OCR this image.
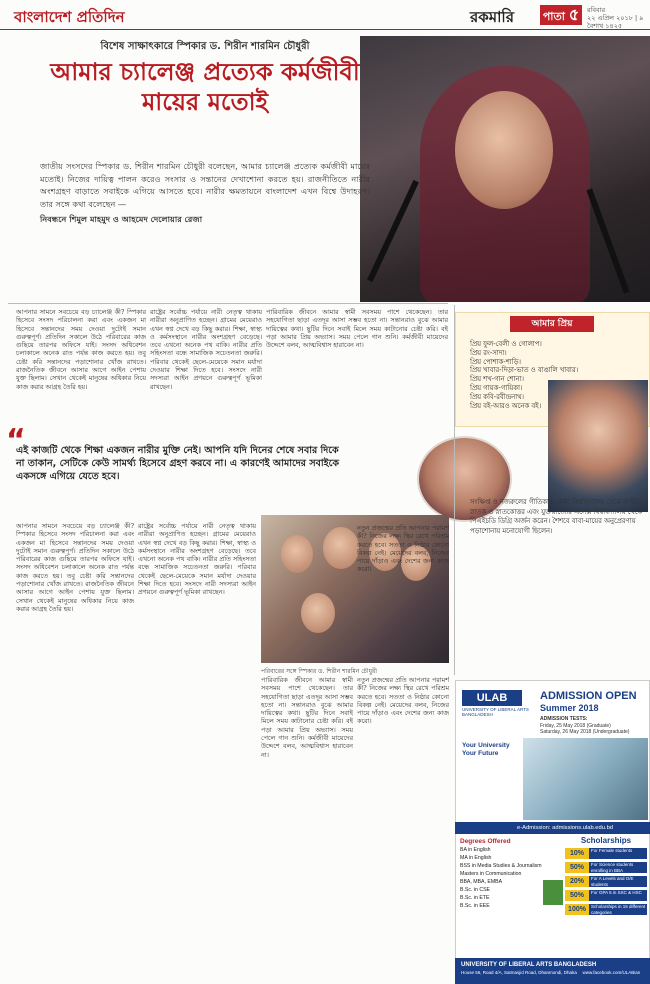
বাংলাদেশ প্রতিদিন	রকমারি	পাতা ৫	রবিবার
২২ এপ্রিল ২০১৮ | ৯ বৈশাখ ১৪২৫
বিশেষ সাক্ষাৎকারে স্পিকার ড. শিরীন শারমিন চৌধুরী
আমার চ্যালেঞ্জ প্রত্যেক কর্মজীবী মায়ের মতোই
জাতীয় সংসদের স্পিকার ড. শিরীন শারমিন চৌধুরী বলেছেন, আমার চ্যালেঞ্জ প্রত্যেক কর্মজীবী মায়ের মতোই। নিজের দায়িত্ব পালন করেও সংসার ও সন্তানের দেখাশোনা করতে হয়। রাজনীতিতে নারীর অংশগ্রহণ বাড়াতে সবাইকে এগিয়ে আসতে হবে। নারীর ক্ষমতায়নে বাংলাদেশ এখন বিশ্বে উদাহরণ। তার সঙ্গে কথা বলেছেন —
নিবন্ধনে শিমুল মাহমুদ ও আহমেদ দেলোয়ার রেজা
আপনার সামনে সবচেয়ে বড় চ্যালেঞ্জ কী? স্পিকার হিসেবে সংসদ পরিচালনা করা এবং একজন মা হিসেবে সন্তানদের সময় দেওয়া দুটোই সমান গুরুত্বপূর্ণ। প্রতিদিন সকালে উঠে পরিবারের কাজ গুছিয়ে তারপর অফিসে যাই। সংসদ অধিবেশন চলাকালে অনেক রাত পর্যন্ত কাজ করতে হয়। তবু চেষ্টা করি সন্তানদের পড়াশোনার খোঁজ রাখতে। রাজনৈতিক জীবনে আসার আগে আইন পেশায় যুক্ত ছিলাম। সেখান থেকেই মানুষের অধিকার নিয়ে কাজ করার আগ্রহ তৈরি হয়।
রাষ্ট্রের সর্বোচ্চ পর্যায়ে নারী নেতৃত্ব থাকায় নারীরা অনুপ্রাণিত হচ্ছেন। গ্রামের মেয়েরাও এখন স্বপ্ন দেখে বড় কিছু করার। শিক্ষা, স্বাস্থ্য ও কর্মসংস্থানে নারীর অংশগ্রহণ বেড়েছে। তবে এখনো অনেক পথ বাকি। নারীর প্রতি সহিংসতা বন্ধে সামাজিক সচেতনতা জরুরি। পরিবার থেকেই ছেলে-মেয়েকে সমান মর্যাদা দেওয়ার শিক্ষা দিতে হবে। সংসদে নারী সদস্যরা আইন প্রণয়নে গুরুত্বপূর্ণ ভূমিকা রাখছেন।
পারিবারিক জীবনে আমার স্বামী সবসময় পাশে থেকেছেন। তার সহযোগিতা ছাড়া এতদূর আসা সম্ভব হতো না। সন্তানরাও বুঝে আমার দায়িত্বের কথা। ছুটির দিনে সবাই মিলে সময় কাটানোর চেষ্টা করি। বই পড়া আমার প্রিয় অভ্যাস। সময় পেলে গান শুনি। কর্মজীবী মায়েদের উদ্দেশে বলব, আত্মবিশ্বাস হারাবেন না।
“
এই কাজটি থেকে শিক্ষা একজন নারীর মুক্তি নেই। আপনি যদি দিনের শেষে সবার দিকে না তাকান, সেটিকে কেউ সামর্থ্য হিসেবে গ্রহণ করবে না। এ কারণেই আমাদের সবাইকে একসঙ্গে এগিয়ে যেতে হবে।
আপনার সামনে সবচেয়ে বড় চ্যালেঞ্জ কী? স্পিকার হিসেবে সংসদ পরিচালনা করা এবং একজন মা হিসেবে সন্তানদের সময় দেওয়া দুটোই সমান গুরুত্বপূর্ণ। প্রতিদিন সকালে উঠে পরিবারের কাজ গুছিয়ে তারপর অফিসে যাই। সংসদ অধিবেশন চলাকালে অনেক রাত পর্যন্ত কাজ করতে হয়। তবু চেষ্টা করি সন্তানদের পড়াশোনার খোঁজ রাখতে। রাজনৈতিক জীবনে আসার আগে আইন পেশায় যুক্ত ছিলাম। সেখান থেকেই মানুষের অধিকার নিয়ে কাজ করার আগ্রহ তৈরি হয়।
রাষ্ট্রের সর্বোচ্চ পর্যায়ে নারী নেতৃত্ব থাকায় নারীরা অনুপ্রাণিত হচ্ছেন। গ্রামের মেয়েরাও এখন স্বপ্ন দেখে বড় কিছু করার। শিক্ষা, স্বাস্থ্য ও কর্মসংস্থানে নারীর অংশগ্রহণ বেড়েছে। তবে এখনো অনেক পথ বাকি। নারীর প্রতি সহিংসতা বন্ধে সামাজিক সচেতনতা জরুরি। পরিবার থেকেই ছেলে-মেয়েকে সমান মর্যাদা দেওয়ার শিক্ষা দিতে হবে। সংসদে নারী সদস্যরা আইন প্রণয়নে গুরুত্বপূর্ণ ভূমিকা রাখছেন।
পরিবারের সঙ্গে স্পিকার ড. শিরীন শারমিন চৌধুরী
পারিবারিক জীবনে আমার স্বামী সবসময় পাশে থেকেছেন। তার সহযোগিতা ছাড়া এতদূর আসা সম্ভব হতো না। সন্তানরাও বুঝে আমার দায়িত্বের কথা। ছুটির দিনে সবাই মিলে সময় কাটানোর চেষ্টা করি। বই পড়া আমার প্রিয় অভ্যাস। সময় পেলে গান শুনি। কর্মজীবী মায়েদের উদ্দেশে বলব, আত্মবিশ্বাস হারাবেন না।
নতুন প্রজন্মের প্রতি আপনার পরামর্শ কী? নিজের লক্ষ্য স্থির রেখে পরিশ্রম করতে হবে। সততা ও নিষ্ঠার কোনো বিকল্প নেই। মেয়েদের বলব, নিজের পায়ে দাঁড়াও এবং দেশের জন্য কাজ করো।
নতুন প্রজন্মের প্রতি আপনার পরামর্শ কী? নিজের লক্ষ্য স্থির রেখে পরিশ্রম করতে হবে। সততা ও নিষ্ঠার কোনো বিকল্প নেই। মেয়েদের বলব, নিজের পায়ে দাঁড়াও এবং দেশের জন্য কাজ করো।
আমার প্রিয়
প্রিয় ফুল-বেলী ও গোলাপ।
প্রিয় রং-সাদা।
প্রিয় পোশাক-শাড়ি।
প্রিয় খাবার-দিড়া-ভাত ও বাঙালি খাবার।
প্রিয় শখ-গান শোনা।
প্রিয় গায়ক-গায়িকা।
প্রিয় কবি-রবীন্দ্রনাথ।
প্রিয় বই-আরও অনেক বই।
সংক্ষিপ্ত ও নজরুলের গীতিকার। ঢাকা বিশ্ববিদ্যালয় থেকে আইনে স্নাতক ও স্নাতকোত্তর এবং যুক্তরাজ্যের এসেক্স বিশ্ববিদ্যালয় থেকে পিএইচডি ডিগ্রি অর্জন করেন। শৈশবে বাবা-মায়ের অনুপ্রেরণায় পড়াশোনায় মনোযোগী ছিলেন।
ULAB
UNIVERSITY OF LIBERAL ARTS BANGLADESH
ADMISSION OPEN
Summer 2018
ADMISSION TESTS:
Friday, 25 May 2018 (Graduate)
Saturday, 26 May 2018 (Undergraduate)
Your University
Your Future
e-Admission: admissions.ulab.edu.bd
Degrees Offered
BA in English
MA in English
BSS in Media Studies & Journalism
Masters in Communication
BBA, MBA, EMBA
B.Sc. in CSE
B.Sc. in ETE
B.Sc. in EEE
Scholarships
10%	For Female students
50%	For Science students enrolling in BBA
20%	For A Levels and O/E students
50%	For GPA 5 in SSC & HSC
100%	Scholarships in 15 different categories
UNIVERSITY OF LIBERAL ARTS BANGLADESH
House 56, Road 4/A, Satmasjid Road, Dhanmondi, Dhaka www.facebook.com/ULABian
